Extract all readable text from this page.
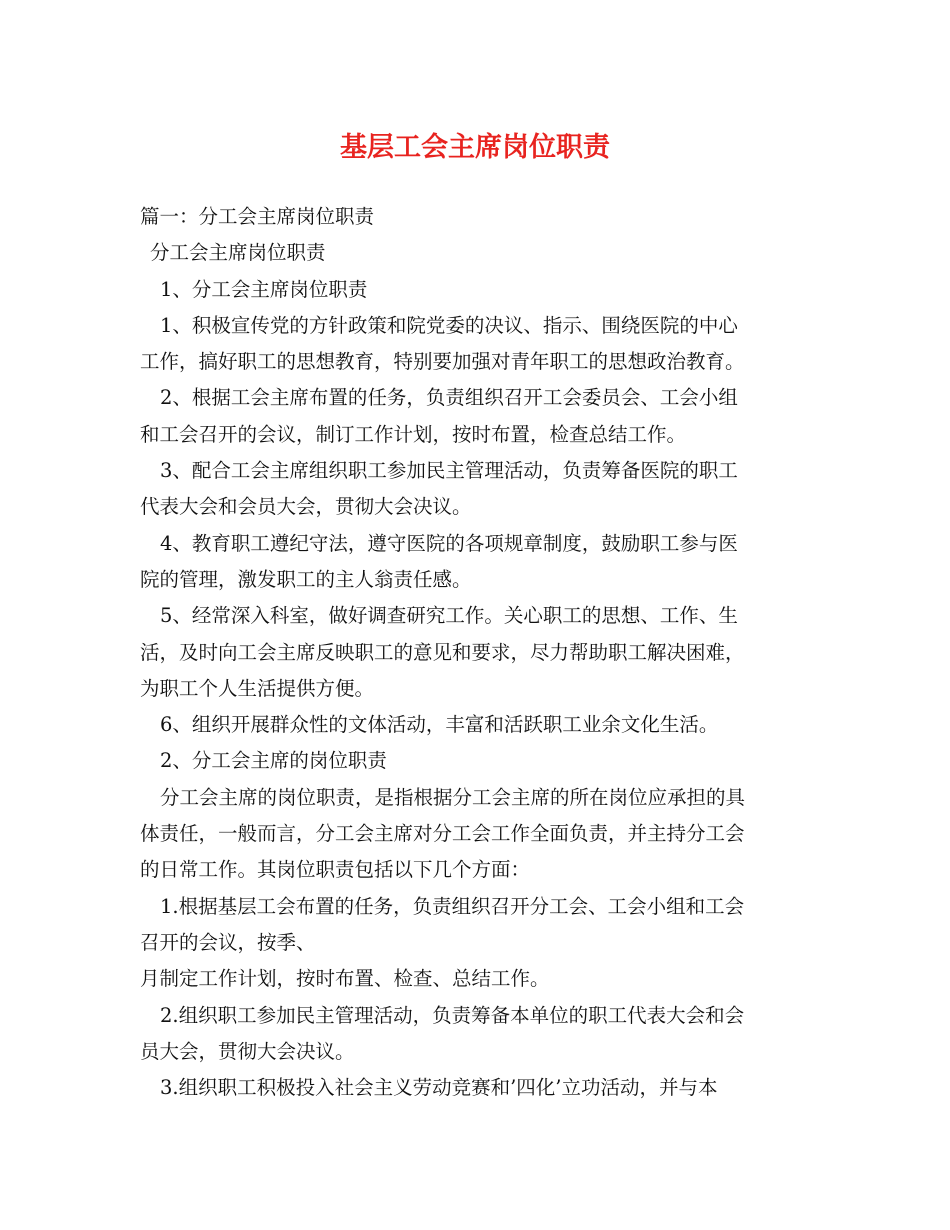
基层工会主席岗位职责
篇一：分工会主席岗位职责
分工会主席岗位职责
1、分工会主席岗位职责
1、积极宣传党的方针政策和院党委的决议、指示、围绕医院的中心
工作，搞好职工的思想教育，特别要加强对青年职工的思想政治教育。
2、根据工会主席布置的任务，负责组织召开工会委员会、工会小组
和工会召开的会议，制订工作计划，按时布置，检查总结工作。
3、配合工会主席组织职工参加民主管理活动，负责筹备医院的职工
代表大会和会员大会，贯彻大会决议。
4、教育职工遵纪守法，遵守医院的各项规章制度，鼓励职工参与医
院的管理，激发职工的主人翁责任感。
5、经常深入科室，做好调查研究工作。关心职工的思想、工作、生
活，及时向工会主席反映职工的意见和要求，尽力帮助职工解决困难，
为职工个人生活提供方便。
6、组织开展群众性的文体活动，丰富和活跃职工业余文化生活。
2、分工会主席的岗位职责
分工会主席的岗位职责，是指根据分工会主席的所在岗位应承担的具
体责任，一般而言，分工会主席对分工会工作全面负责，并主持分工会
的日常工作。其岗位职责包括以下几个方面：
1.根据基层工会布置的任务，负责组织召开分工会、工会小组和工会
召开的会议，按季、
月制定工作计划，按时布置、检查、总结工作。
2.组织职工参加民主管理活动，负责筹备本单位的职工代表大会和会
员大会，贯彻大会决议。
3.组织职工积极投入社会主义劳动竞赛和’四化’立功活动，并与本
